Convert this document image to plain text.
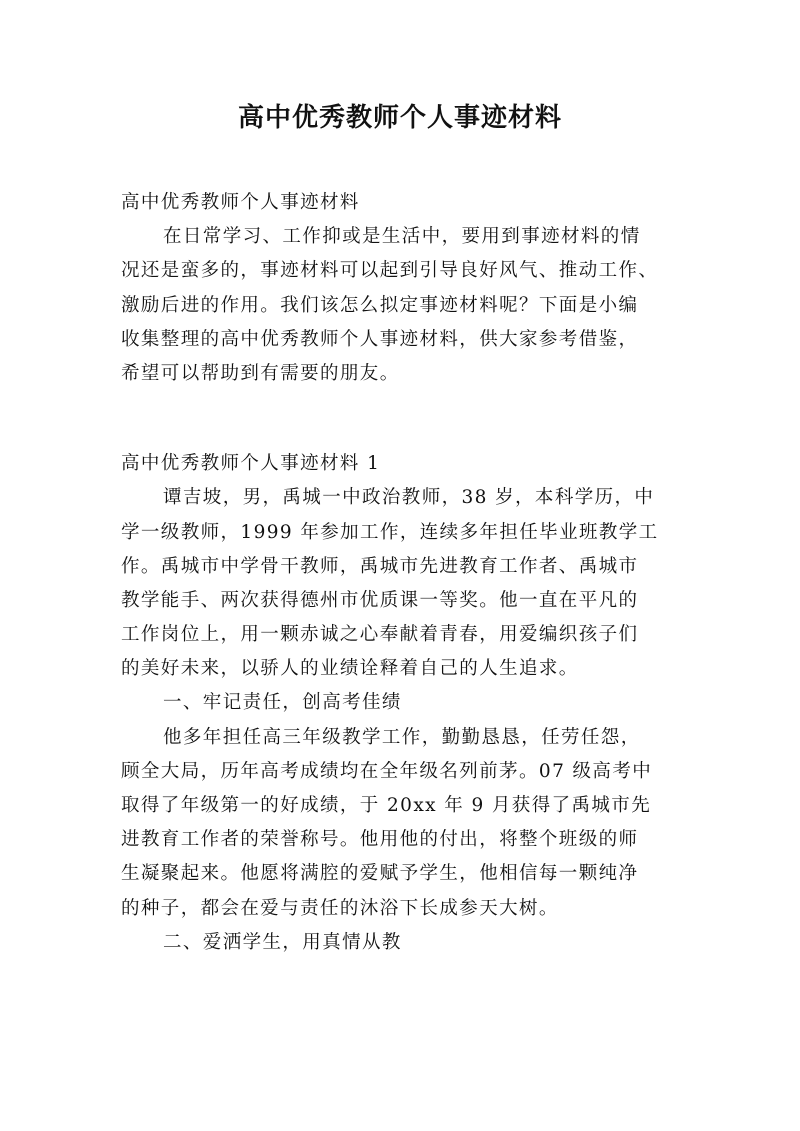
高中优秀教师个人事迹材料
高中优秀教师个人事迹材料
在日常学习、工作抑或是生活中，要用到事迹材料的情
况还是蛮多的，事迹材料可以起到引导良好风气、推动工作、
激励后进的作用。我们该怎么拟定事迹材料呢？下面是小编
收集整理的高中优秀教师个人事迹材料，供大家参考借鉴，
希望可以帮助到有需要的朋友。
高中优秀教师个人事迹材料 1
谭吉坡，男，禹城一中政治教师，38 岁，本科学历，中
学一级教师，1999 年参加工作，连续多年担任毕业班教学工
作。禹城市中学骨干教师，禹城市先进教育工作者、禹城市
教学能手、两次获得德州市优质课一等奖。他一直在平凡的
工作岗位上，用一颗赤诚之心奉献着青春，用爱编织孩子们
的美好未来，以骄人的业绩诠释着自己的人生追求。
一、牢记责任，创高考佳绩
他多年担任高三年级教学工作，勤勤恳恳，任劳任怨，
顾全大局，历年高考成绩均在全年级名列前茅。07 级高考中
取得了年级第一的好成绩，于 20xx 年 9 月获得了禹城市先
进教育工作者的荣誉称号。他用他的付出，将整个班级的师
生凝聚起来。他愿将满腔的爱赋予学生，他相信每一颗纯净
的种子，都会在爱与责任的沐浴下长成参天大树。
二、爱洒学生，用真情从教
